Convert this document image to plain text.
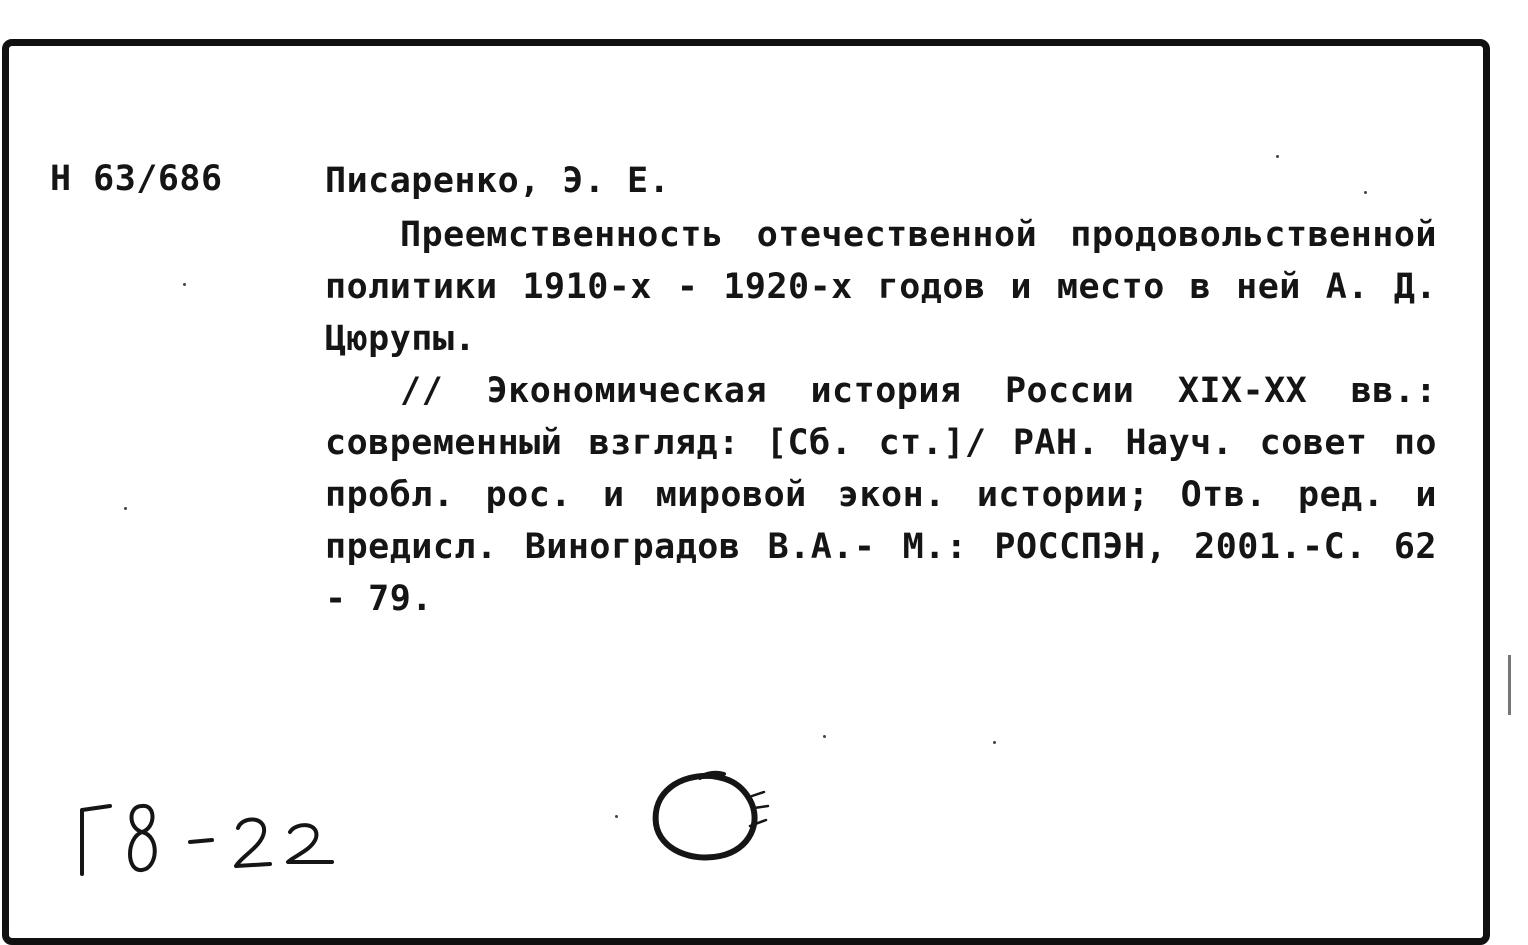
Н 63/686	Писаренко, Э. Е.

Преемственность отечественной продовольственной политики 1910-х - 1920-х годов и место в ней А. Д. Цюрупы.

// Экономическая история России XIX-XX вв.: современный взгляд: [Сб. ст.]/ РАН. Науч. совет по пробл. рос. и мировой экон. истории; Отв. ред. и предисл. Виноградов В.А.- М.: РОССПЭН, 2001.-С. 62 - 79.
